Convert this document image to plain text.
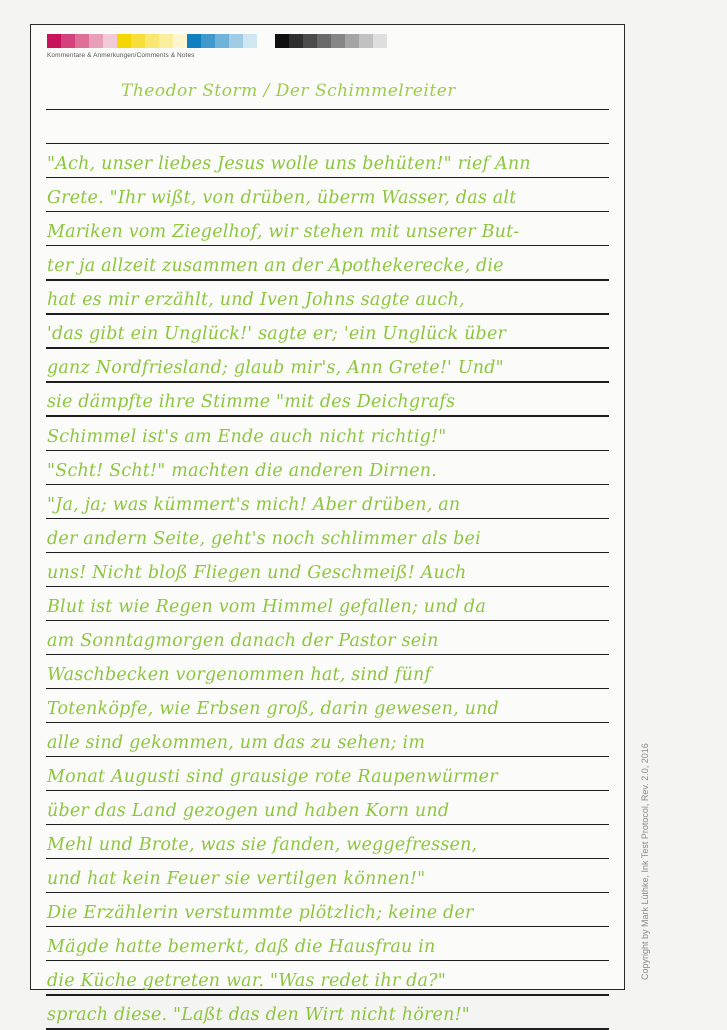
Kommentare & Anmerkungen/Comments & Notes
Theodor Storm / Der Schimmelreiter
"Ach, unser liebes Jesus wolle uns behüten!" rief Ann
Grete. "Ihr wißt, von drüben, überm Wasser, das alt
Mariken vom Ziegelhof, wir stehen mit unserer But-
ter ja allzeit zusammen an der Apothekerecke, die
hat es mir erzählt, und Iven Johns sagte auch,
'das gibt ein Unglück!' sagte er; 'ein Unglück über
ganz Nordfriesland; glaub mir's, Ann Grete!' Und"
sie dämpfte ihre Stimme "mit des Deichgrafs
Schimmel ist's am Ende auch nicht richtig!"
"Scht! Scht!" machten die anderen Dirnen.
"Ja, ja; was kümmert's mich! Aber drüben, an
der andern Seite, geht's noch schlimmer als bei
uns! Nicht bloß Fliegen und Geschmeiß! Auch
Blut ist wie Regen vom Himmel gefallen; und da
am Sonntagmorgen danach der Pastor sein
Waschbecken vorgenommen hat, sind fünf
Totenköpfe, wie Erbsen groß, darin gewesen, und
alle sind gekommen, um das zu sehen; im
Monat Augusti sind grausige rote Raupenwürmer
über das Land gezogen und haben Korn und
Mehl und Brote, was sie fanden, weggefressen,
und hat kein Feuer sie vertilgen können!"
Die Erzählerin verstummte plötzlich; keine der
Mägde hatte bemerkt, daß die Hausfrau in
die Küche getreten war. "Was redet ihr da?"
sprach diese. "Laßt das den Wirt nicht hören!"
Copyright by Mark Lüthke, Ink Test Protocol, Rev. 2.0, 2016
